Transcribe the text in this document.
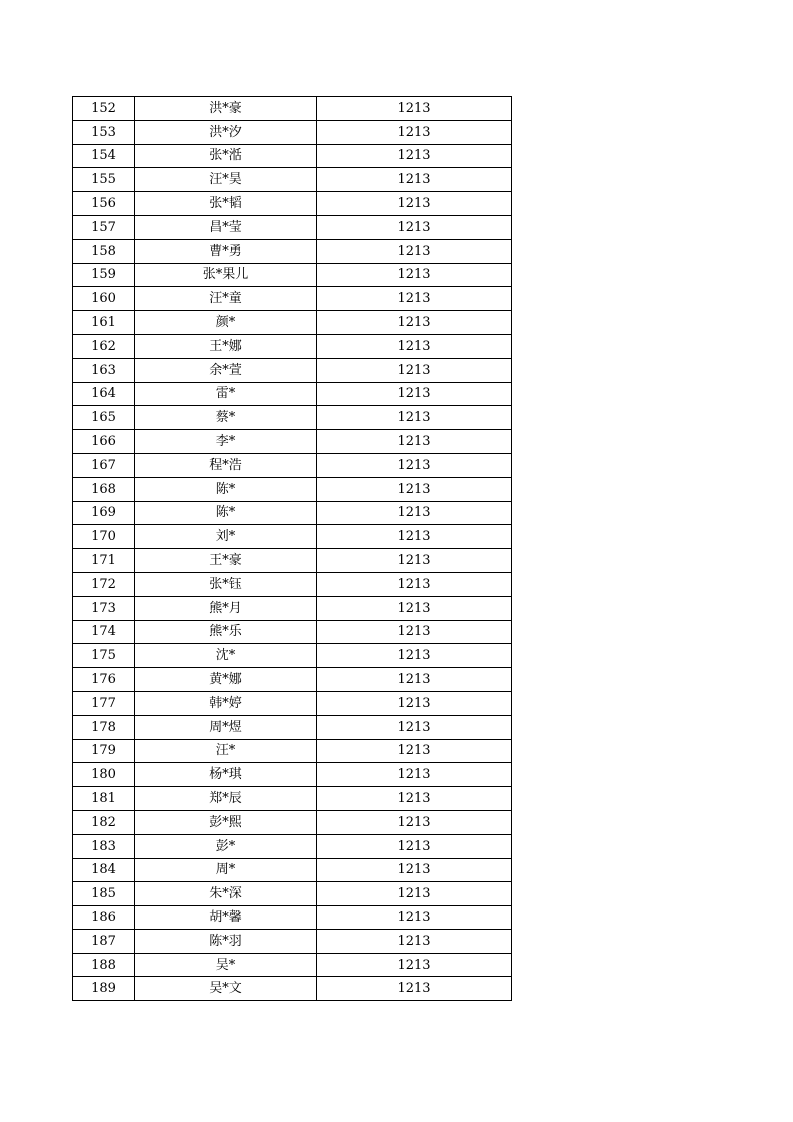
152	洪*豪	1213
153	洪*汐	1213
154	张*湉	1213
155	汪*昊	1213
156	张*韬	1213
157	昌*莹	1213
158	曹*勇	1213
159	张*果儿	1213
160	汪*童	1213
161	颜*	1213
162	王*娜	1213
163	余*萱	1213
164	雷*	1213
165	蔡*	1213
166	李*	1213
167	程*浩	1213
168	陈*	1213
169	陈*	1213
170	刘*	1213
171	王*豪	1213
172	张*钰	1213
173	熊*月	1213
174	熊*乐	1213
175	沈*	1213
176	黄*娜	1213
177	韩*婷	1213
178	周*煜	1213
179	汪*	1213
180	杨*琪	1213
181	郑*辰	1213
182	彭*熙	1213
183	彭*	1213
184	周*	1213
185	朱*深	1213
186	胡*馨	1213
187	陈*羽	1213
188	吴*	1213
189	吴*文	1213
